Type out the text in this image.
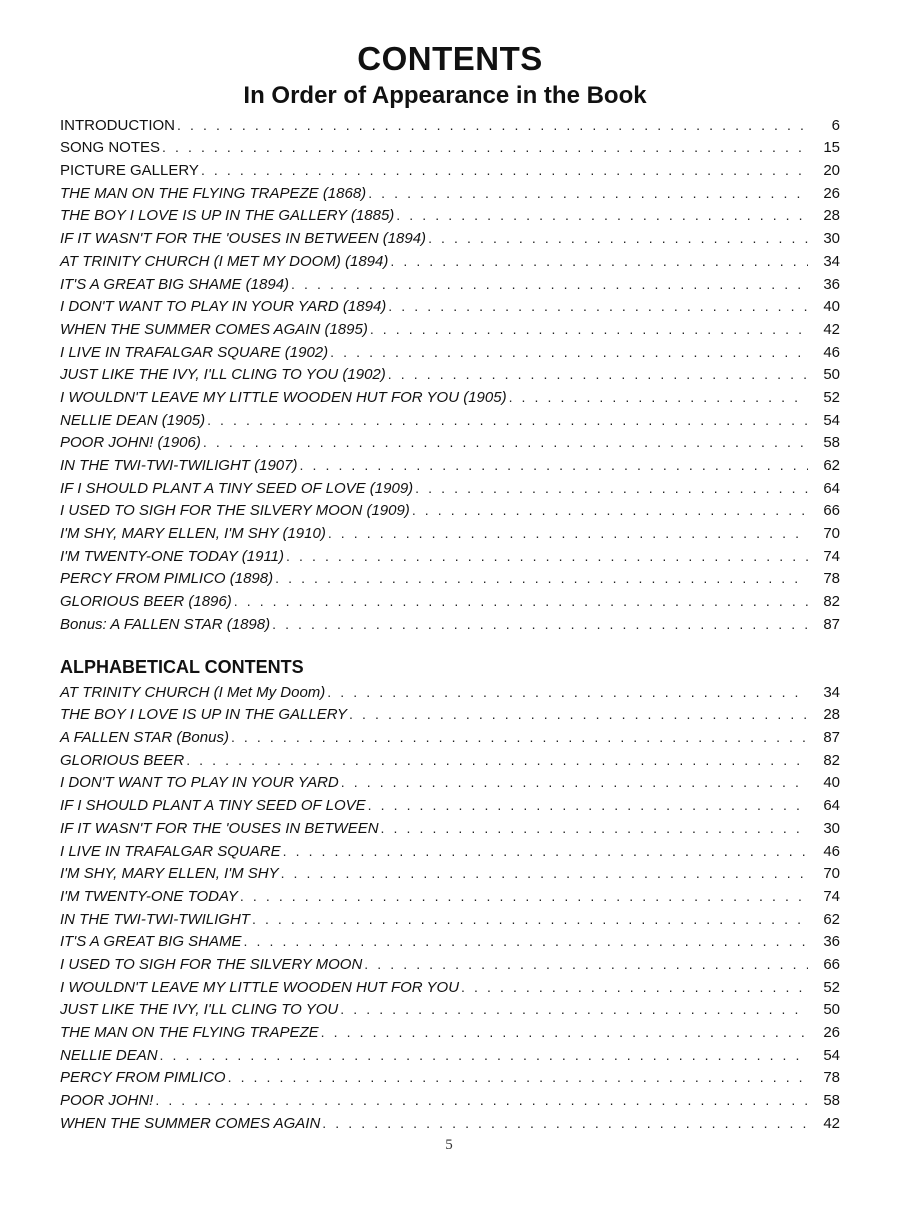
CONTENTS
In Order of Appearance in the Book
INTRODUCTION . . .	6
SONG NOTES . . .	15
PICTURE GALLERY . . .	20
THE MAN ON THE FLYING TRAPEZE (1868) . . .	26
THE BOY I LOVE IS UP IN THE GALLERY (1885) . . .	28
IF IT WASN'T FOR THE 'OUSES IN BETWEEN (1894) . . .	30
AT TRINITY CHURCH (I MET MY DOOM) (1894) . . .	34
IT'S A GREAT BIG SHAME (1894) . . .	36
I DON'T WANT TO PLAY IN YOUR YARD (1894) . . .	40
WHEN THE SUMMER COMES AGAIN (1895) . . .	42
I LIVE IN TRAFALGAR SQUARE (1902) . . .	46
JUST LIKE THE IVY, I'LL CLING TO YOU (1902) . . .	50
I WOULDN'T LEAVE MY LITTLE WOODEN HUT FOR YOU (1905) . . .	52
NELLIE DEAN (1905) . . .	54
POOR JOHN! (1906) . . .	58
IN THE TWI-TWI-TWILIGHT (1907) . . .	62
IF I SHOULD PLANT A TINY SEED OF LOVE (1909) . . .	64
I USED TO SIGH FOR THE SILVERY MOON (1909) . . .	66
I'M SHY, MARY ELLEN, I'M SHY (1910) . . .	70
I'M TWENTY-ONE TODAY (1911) . . .	74
PERCY FROM PIMLICO (1898) . . .	78
GLORIOUS BEER (1896) . . .	82
Bonus: A FALLEN STAR (1898) . . .	87
ALPHABETICAL CONTENTS
AT TRINITY CHURCH (I Met My Doom) . . .	34
THE BOY I LOVE IS UP IN THE GALLERY . . .	28
A FALLEN STAR (Bonus) . . .	87
GLORIOUS BEER . . .	82
I DON'T WANT TO PLAY IN YOUR YARD . . .	40
IF I SHOULD PLANT A TINY SEED OF LOVE . . .	64
IF IT WASN'T FOR THE 'OUSES IN BETWEEN . . .	30
I LIVE IN TRAFALGAR SQUARE . . .	46
I'M SHY, MARY ELLEN, I'M SHY . . .	70
I'M TWENTY-ONE TODAY . . .	74
IN THE TWI-TWI-TWILIGHT . . .	62
IT'S A GREAT BIG SHAME . . .	36
I USED TO SIGH FOR THE SILVERY MOON . . .	66
I WOULDN'T LEAVE MY LITTLE WOODEN HUT FOR YOU . . .	52
JUST LIKE THE IVY, I'LL CLING TO YOU . . .	50
THE MAN ON THE FLYING TRAPEZE . . .	26
NELLIE DEAN . . .	54
PERCY FROM PIMLICO . . .	78
POOR JOHN! . . .	58
WHEN THE SUMMER COMES AGAIN . . .	42
5
